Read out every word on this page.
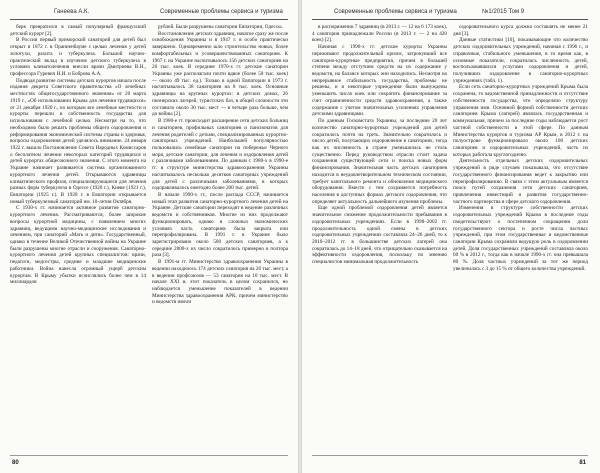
Ганеева А.К.	Современные проблемы сервиса и туризма

берк превратился в самый популярный французский детский курорт [2].

В России первый приморский санаторий для детей был открыт в 1872 г. в Ораниенбауме с целью лечения у детей золотухи, рахита и туберкулеза. Большой научно-практический вклад в изучение детского туберкулеза в условиях климатолечения внесли врачи Дмитриева В.Н., профессора Гуревич Н.И. и Боброва А.А.

Подводя развитие системы детских курортов начала после издания декрета Советского правительства «О лечебных местностях общегосударственного значения» от 20 марта 1919 г., «Об использовании Крыма для лечения трудящихся» от 21 декабря 1920 г., по которым все лечебные местности и курорты перешли в собственность государства для использования с лечебной целью. Несмотря на то, что необходимо было решать проблемы общего оздоровления и реформирования экономической системы страны и здоровья, вопросы оздоровления детей уделялось внимание. 24 января 1922 г. вышло Постановление Совета Народных Комиссаров о бесплатном лечении некоторых категорий трудящихся и детей курортах общесоюзного значения. С этого момента на Украине начинает развивается система организованного курортного лечения детей. Открываются здравницы климатического профиля, специализирующиеся для лечения разных форм туберкулеза в Одессе (1920 г.), Киеве (1921 г.), Евпатории (1925 г.). В 1928 г. в Евпатории открывается новый туберкулезный санаторий им. 10-летия Октября.

С 1930-х гг. начинается активное развитие санаторно-курортного лечения. Рассматриваются, более широкие вопросы курортной медицины, с появлением многих здравниц, ведущими научно-медицинские исследования и лечением, при санаторий «Мать и дитя». Государственный, однако в течение Великой Отечественной войны на Украине были разрушены многие отрасли и сооружения. Санаторно-курортного лечения детей крупных специалистов: врачи, педагоги, медсестры, средние и младшие медицинские работники. Война нанесла огромный ущерб детским курортам. В Крыму убытки исчислялись более чем в 14 миллиардов

рублей. Были разрушены санатории Евпатории, Одессы.

Восстановление детских здравниц, начатое сразу же после освобождения Украины и в 1947 г. в особо практически завершено. Одновременно шло строительство новых, более комфортабельных и усовершенствованных санаториев. К 1967 г. на Украине насчитывалось 156 детских санаториев на 26 тыс. коек. В середине 1970-х гг. детские санатории Украины уже располагали почти вдвое (более 50 тыс. коек) — около 49 тыс. ед.). Только в одной Евпатории в 1973 г. насчитывалось 38 санаториев на 8 тыс. коек. Основные здравницы на крупных курортах: в детских домах, 26 пионерских лагерей, туристских баз, в общей сложности эти составило около 30 тыс. мест — в четыре раза больше, чем до войны [2].

В 1980-е гг. происходит расширение сети детских больниц и санаториев, профильных санаториев и пансионатов для лечения родителей с детьми, специализированных курортно-санаторных учреждений. Наибольшей популярностью пользовались семейные санатории на побережье Черного моря, детские санатории, для лечения и оздоровления детей с различными заболеваниями. По данным с 1980-х в 1990-е гг. в структуре министерства здравоохранения Украины насчитывалось несколько десятков санаторных учреждений для детей с различными заболеваниями, в которых оздоравливалось ежегодно более 200 тыс. детей.

В начале 1990-х гг., после распада СССР, начинается новый этап развития санаторно-курортного лечения детей на Украине. Детские санатории переходят в ведение различных ведомств и собственников. Многие из них продолжают функционировать, однако в сложных экономических условиях часть санаториев была закрыта или перепрофилирована. В 1991 г. в Украине было зарегистрировано около 500 детских санаториев, а к середине 2000-х их число сократилось примерно в полтора раза [3].

В 1991-м гг. Министерство здравоохранения Украины в ведении находилось 174 детских санатория на 26 тыс. мест, а в ведении профсоюзов — 53 санатория на 10 тыс. мест. В начале XXI в. этот показатель в целом сохранился, но наблюдается уменьшение показателей в ведении Министерства здравоохранения АРК, причем министерство и ведомств имели

80
Современные проблемы сервиса и туризма	№1/2015 Том 9

в распоряжении 7 здравниц (в 2013 г. — 12 на 6 173 коек), 4 санатория принадлежали России (в 2013 г. — 2 на 420 коек) [2].

Начиная с 1990-х гг. детские курорты Украины переживают продолжительный кризис, затронувший все санаторно-курортные предприятия, причем в большей степени между отстутием средств на их содержание у ведомств, на балансе которых они находились. Несмотря на непрерывное стабильность государства, проблемы не решены, и в некоторые учреждения были вынуждены уменьшить число коек или сократить финансирование за счет ограниченности средств здравоохранения, а также содержание с учетом значительных усилениях управления детскими здравницами.

По данным Госкомстата Украины, за последние 20 лет количество санаторно-курортных учреждений для детей сократилось почти на треть. Значительно сократилось и число детей, получающих оздоровление в санаториях, тогда как их численность в стране уменьшилась не столь существенно. Перед руководством отрасли стоит задача сохранения существующей сети и поиска новых форм финансирования. Значительная часть детских санаториев находится в неудовлетворительном техническом состоянии, требует капитального ремонта и обновления медицинского оборудования. Вместе с тем сохраняется потребность населения в доступных формах детского оздоровления, что определяет актуальность дальнейшего изучения проблемы.

Еще одной проблемой оздоровления детей является значительное снижение продолжительности пребывания в оздоровительных учреждениях. Если в 1998–2002 гг. продолжительность одной смены в детских оздоровительных учреждениях составляла 24–26 дней, то к 2010–2012 гг. в большинстве детских лагерей она сократилась до 14–18 дней, что отрицательно сказывается на эффективности оздоровления, поскольку по мнению специалистов минимальная продолжительность

оздоровительного курса должна составлять не менее 21 дня [3].

Данные статистики [10], показывающие что количество детских оздоровительных учреждений, начиная с 1996 г., и справочные, стабильного уменьшения, в то время как, в основные показатели, сократилась численность детей, воспользовавшихся услугами оздоровления и детей, получивших оздоровление в санаторно-курортных учреждениях (табл. 1).

Если сеть санаторно-курортных учреждений Крыма была сохранена, то ведомственной принадлежности и отсутствие собственности государства, что определяло структуру управления ими. Основной формой собственности детских санаториев Крыма (лагерей) являлась государственная и коммунальная, причем за последние годы наблюдается рост частной собственности в этой сфере. По данным Министерства курортов и туризма АР Крым, в 2012 г. на полуострове функционировало около 100 детских санаториев и оздоровительных учреждений, часть из которых работала круглогодично.

Деятельность отдельных детских оздоровительных учреждений в ряде случаев показывала, что отсутствие государственного финансирования ведет к закрытию или перепрофилированию. В связи с этим актуальным является поиск путей сохранения сети детских санаториев, привлечения инвестиций и развития государственно-частного партнерства в сфере детского оздоровления.

Изменения в структуре собственности детских оздоровительных учреждений Крыма в последние годы свидетельствуют о постепенном сокращении доли государственного сектора и росте числа частных учреждений, при этом государственные и ведомственные санатории Крыма сохраняли ведущую роль в оздоровлении детей. Доля государственных учреждений составляла около 60 % в 2012 г., тогда как в начале 1990-х гг. она превышала 80 %. Доля частных учреждений за тот же период увеличилась с 3 до 15 % от общего количества учреждений.

81
